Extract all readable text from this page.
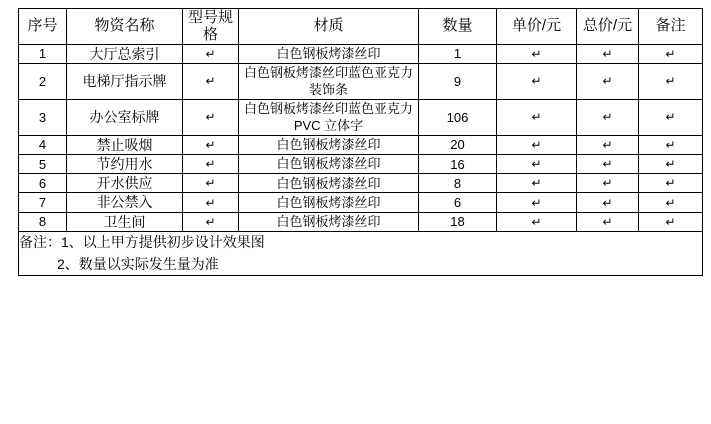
序号	物资名称	型号规格	材质	数量	单价/元	总价/元	备注
1	大厅总索引	↵	白色钢板烤漆丝印	1	↵	↵	↵
2	电梯厅指示牌	↵	白色钢板烤漆丝印蓝色亚克力装饰条	9	↵	↵	↵
3	办公室标牌	↵	白色钢板烤漆丝印蓝色亚克力 PVC 立体字	106	↵	↵	↵
4	禁止吸烟	↵	白色钢板烤漆丝印	20	↵	↵	↵
5	节约用水	↵	白色钢板烤漆丝印	16	↵	↵	↵
6	开水供应	↵	白色钢板烤漆丝印	8	↵	↵	↵
7	非公禁入	↵	白色钢板烤漆丝印	6	↵	↵	↵
8	卫生间	↵	白色钢板烤漆丝印	18	↵	↵	↵

备注：1、以上甲方提供初步设计效果图
2、数量以实际发生量为准							
